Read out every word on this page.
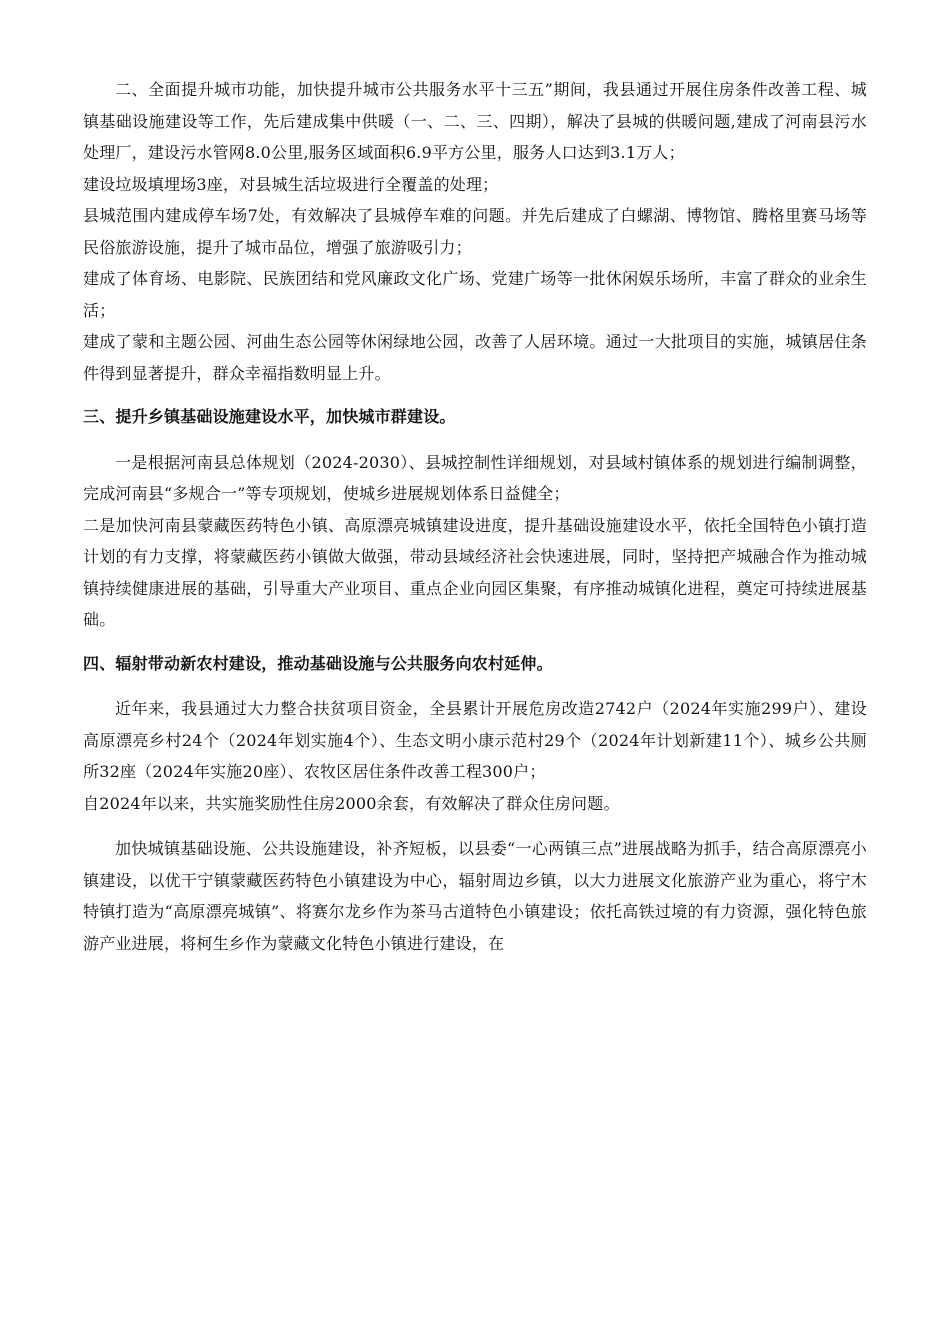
二、全面提升城市功能，加快提升城市公共服务水平十三五”期间，我县通过开展住房条件改善工程、城镇基础设施建设等工作，先后建成集中供暖（一、二、三、四期），解决了县城的供暖问题,建成了河南县污水处理厂，建设污水管网8.0公里,服务区域面积6.9平方公里，服务人口达到3.1万人；

建设垃圾填埋场3座，对县城生活垃圾进行全覆盖的处理；

县城范围内建成停车场7处，有效解决了县城停车难的问题。并先后建成了白螺湖、博物馆、腾格里赛马场等民俗旅游设施，提升了城市品位，增强了旅游吸引力；

建成了体育场、电影院、民族团结和党风廉政文化广场、党建广场等一批休闲娱乐场所，丰富了群众的业余生活；

建成了蒙和主题公园、河曲生态公园等休闲绿地公园，改善了人居环境。通过一大批项目的实施，城镇居住条件得到显著提升，群众幸福指数明显上升。

三、提升乡镇基础设施建设水平，加快城市群建设。

一是根据河南县总体规划（2024-2030）、县城控制性详细规划，对县域村镇体系的规划进行编制调整，完成河南县“多规合一”等专项规划，使城乡进展规划体系日益健全；

二是加快河南县蒙藏医药特色小镇、高原漂亮城镇建设进度，提升基础设施建设水平，依托全国特色小镇打造计划的有力支撑，将蒙藏医药小镇做大做强，带动县域经济社会快速进展，同时，坚持把产城融合作为推动城镇持续健康进展的基础，引导重大产业项目、重点企业向园区集聚，有序推动城镇化进程，奠定可持续进展基础。

四、辐射带动新农村建设，推动基础设施与公共服务向农村延伸。

近年来，我县通过大力整合扶贫项目资金，全县累计开展危房改造2742户（2024年实施299户）、建设高原漂亮乡村24个（2024年划实施4个）、生态文明小康示范村29个（2024年计划新建11个）、城乡公共厕所32座（2024年实施20座）、农牧区居住条件改善工程300户；

自2024年以来，共实施奖励性住房2000余套，有效解决了群众住房问题。

加快城镇基础设施、公共设施建设，补齐短板，以县委“一心两镇三点”进展战略为抓手，结合高原漂亮小镇建设，以优干宁镇蒙藏医药特色小镇建设为中心，辐射周边乡镇，以大力进展文化旅游产业为重心，将宁木特镇打造为“高原漂亮城镇”、将赛尔龙乡作为茶马古道特色小镇建设；依托高铁过境的有力资源，强化特色旅游产业进展，将柯生乡作为蒙藏文化特色小镇进行建设，在
